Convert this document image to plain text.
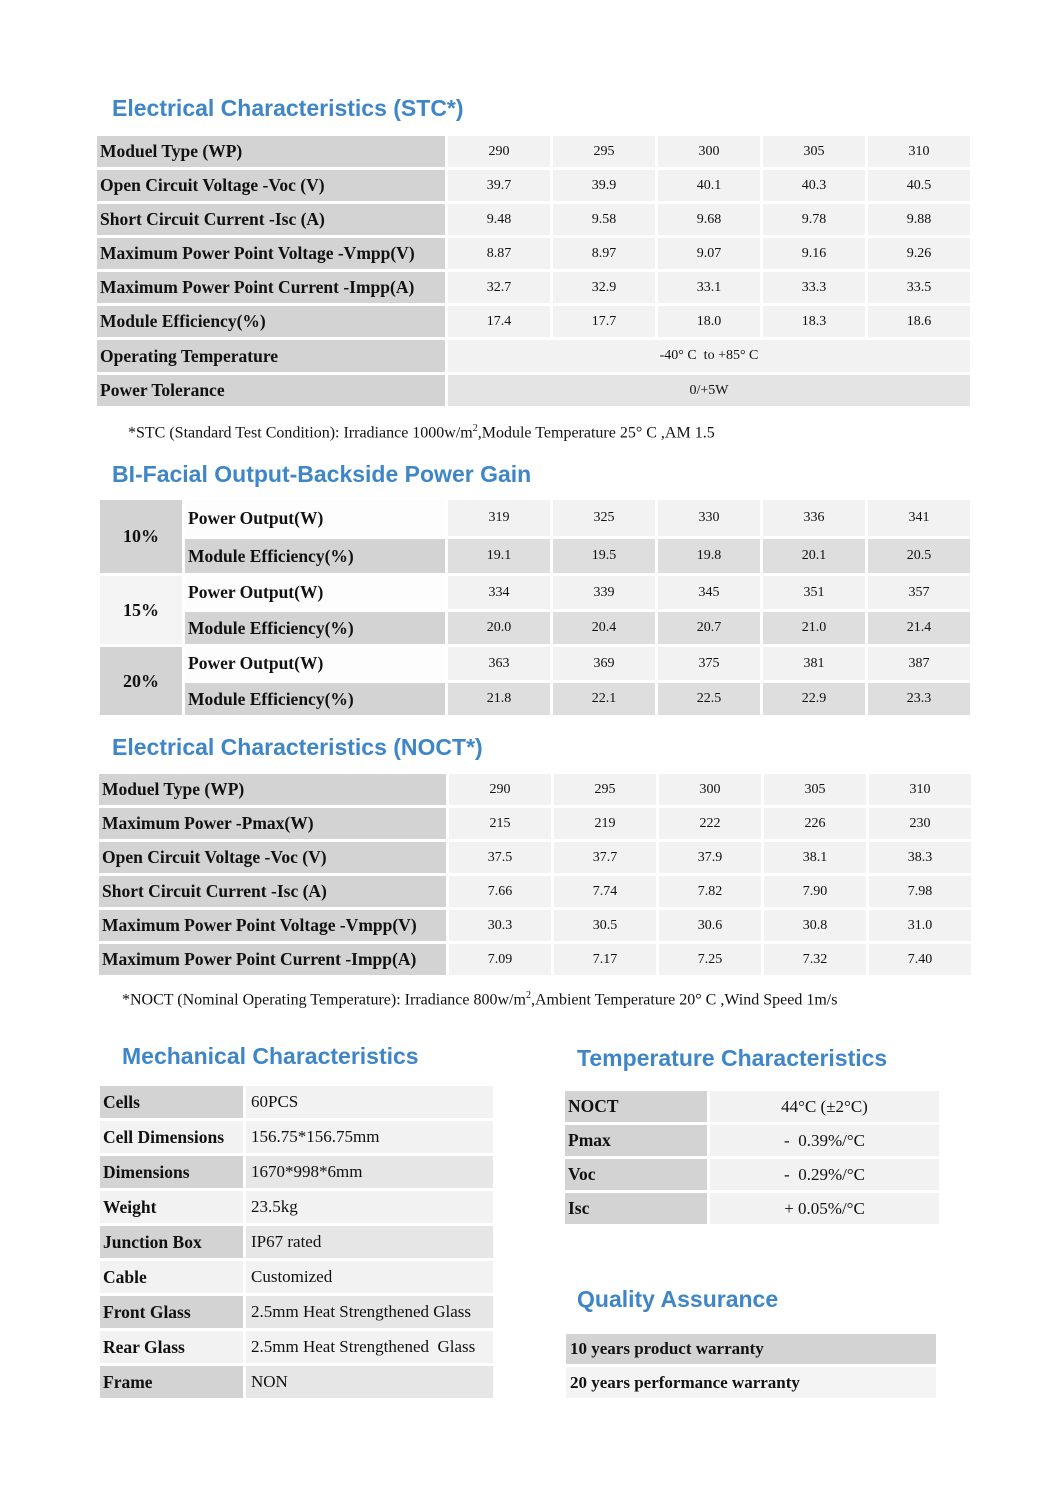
Electrical Characteristics (STC*)
Moduel Type (WP)	290	295	300	305	310
Open Circuit Voltage -Voc (V)	39.7	39.9	40.1	40.3	40.5
Short Circuit Current -Isc (A)	9.48	9.58	9.68	9.78	9.88
Maximum Power Point Voltage -Vmpp(V)	8.87	8.97	9.07	9.16	9.26
Maximum Power Point Current -Impp(A)	32.7	32.9	33.1	33.3	33.5
Module Efficiency(%)	17.4	17.7	18.0	18.3	18.6
Operating Temperature	-40° C  to +85° C				
Power Tolerance	0/+5W				

*STC (Standard Test Condition): Irradiance $1000w/m^2,Module$ Temperature 25° C ,AM 1.5

BI-Facial Output-Backside Power Gain
10%	Power Output(W)	319	325	330	336	341
	Module Efficiency(%)	19.1	19.5	19.8	20.1	20.5
15%	Power Output(W)	334	339	345	351	357
	Module Efficiency(%)	20.0	20.4	20.7	21.0	21.4
20%	Power Output(W)	363	369	375	381	387
	Module Efficiency(%)	21.8	22.1	22.5	22.9	23.3
Electrical Characteristics (NOCT*)
Moduel Type (WP)	290	295	300	305	310
Maximum Power -Pmax(W)	215	219	222	226	230
Open Circuit Voltage -Voc (V)	37.5	37.7	37.9	38.1	38.3
Short Circuit Current -Isc (A)	7.66	7.74	7.82	7.90	7.98
Maximum Power Point Voltage -Vmpp(V)	30.3	30.5	30.6	30.8	31.0
Maximum Power Point Current -Impp(A)	7.09	7.17	7.25	7.32	7.40

*NOCT (Nominal Operating Temperature): Irradiance $800w/m^2,Ambient$ Temperature 20° C ,Wind Speed 1m/s

Mechanical Characteristics
Cells	60PCS
Cell Dimensions	156.75*156.75mm
Dimensions	1670*998*6mm
Weight	23.5kg
Junction Box	IP67 rated
Cable	Customized
Front Glass	2.5mm Heat Strengthened Glass
Rear Glass	2.5mm Heat Strengthened  Glass
Frame	NON
Temperature Characteristics
NOCT	44°C (±2°C)
Pmax	-  0.39%/°C
Voc	-  0.29%/°C
Isc	+ 0.05%/°C
Quality Assurance
10 years product warranty
20 years performance warranty
